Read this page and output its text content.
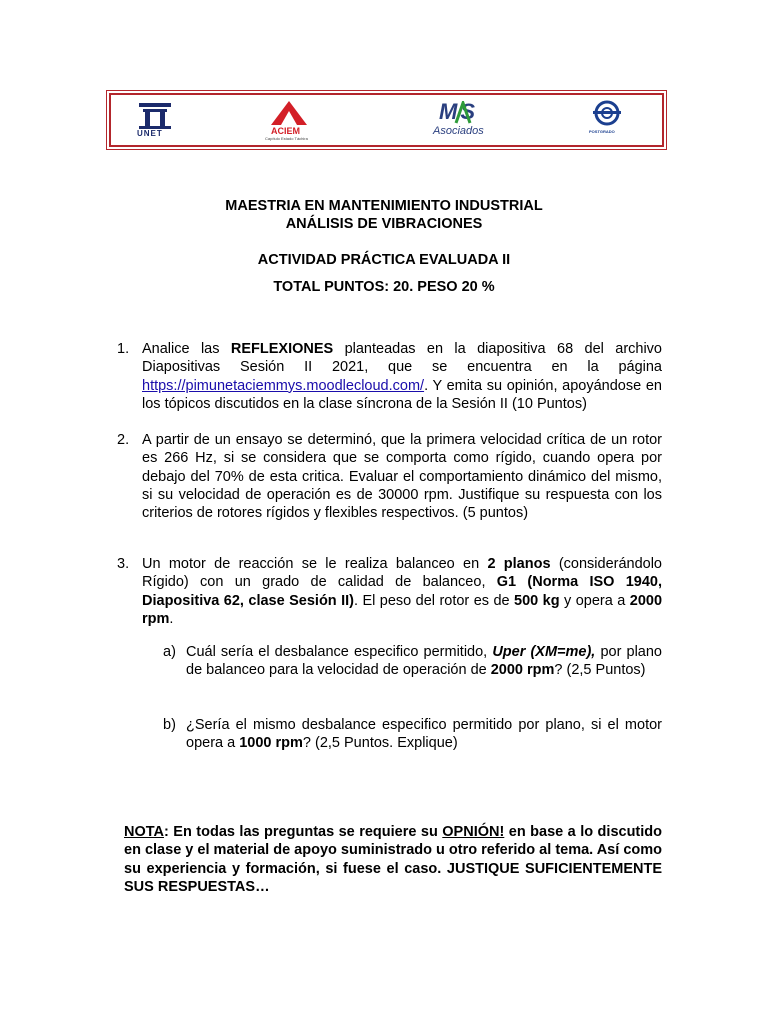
UNET	ACIEM
Capítulo Estado Táchira
MS
Asociados	POSTGRADO
MAESTRIA EN MANTENIMIENTO INDUSTRIAL
ANÁLISIS DE VIBRACIONES
ACTIVIDAD PRÁCTICA EVALUADA II
TOTAL PUNTOS: 20. PESO 20 %
1. Analice las REFLEXIONES planteadas en la diapositiva 68 del archivo Diapositivas Sesión II 2021, que se encuentra en la página https://pimunetaciemmys.moodlecloud.com/. Y emita su opinión, apoyándose en los tópicos discutidos en la clase síncrona de la Sesión II (10 Puntos)
2. A partir de un ensayo se determinó, que la primera velocidad crítica de un rotor es 266 Hz, si se considera que se comporta como rígido, cuando opera por debajo del 70% de esta critica. Evaluar el comportamiento dinámico del mismo, si su velocidad de operación es de 30000 rpm. Justifique su respuesta con los criterios de rotores rígidos y flexibles respectivos. (5 puntos)
3. Un motor de reacción se le realiza balanceo en 2 planos (considerándolo Rígido) con un grado de calidad de balanceo, G1 (Norma ISO 1940, Diapositiva 62, clase Sesión II). El peso del rotor es de 500 kg y opera a 2000 rpm.
a) Cuál sería el desbalance especifico permitido, Uper (XM=me), por plano de balanceo para la velocidad de operación de 2000 rpm? (2,5 Puntos)
b) ¿Sería el mismo desbalance especifico permitido por plano, si el motor opera a 1000 rpm? (2,5 Puntos. Explique)
NOTA: En todas las preguntas se requiere su OPNIÓN! en base a lo discutido en clase y el material de apoyo suministrado u otro referido al tema. Así como su experiencia y formación, si fuese el caso. JUSTIQUE SUFICIENTEMENTE SUS RESPUESTAS…
